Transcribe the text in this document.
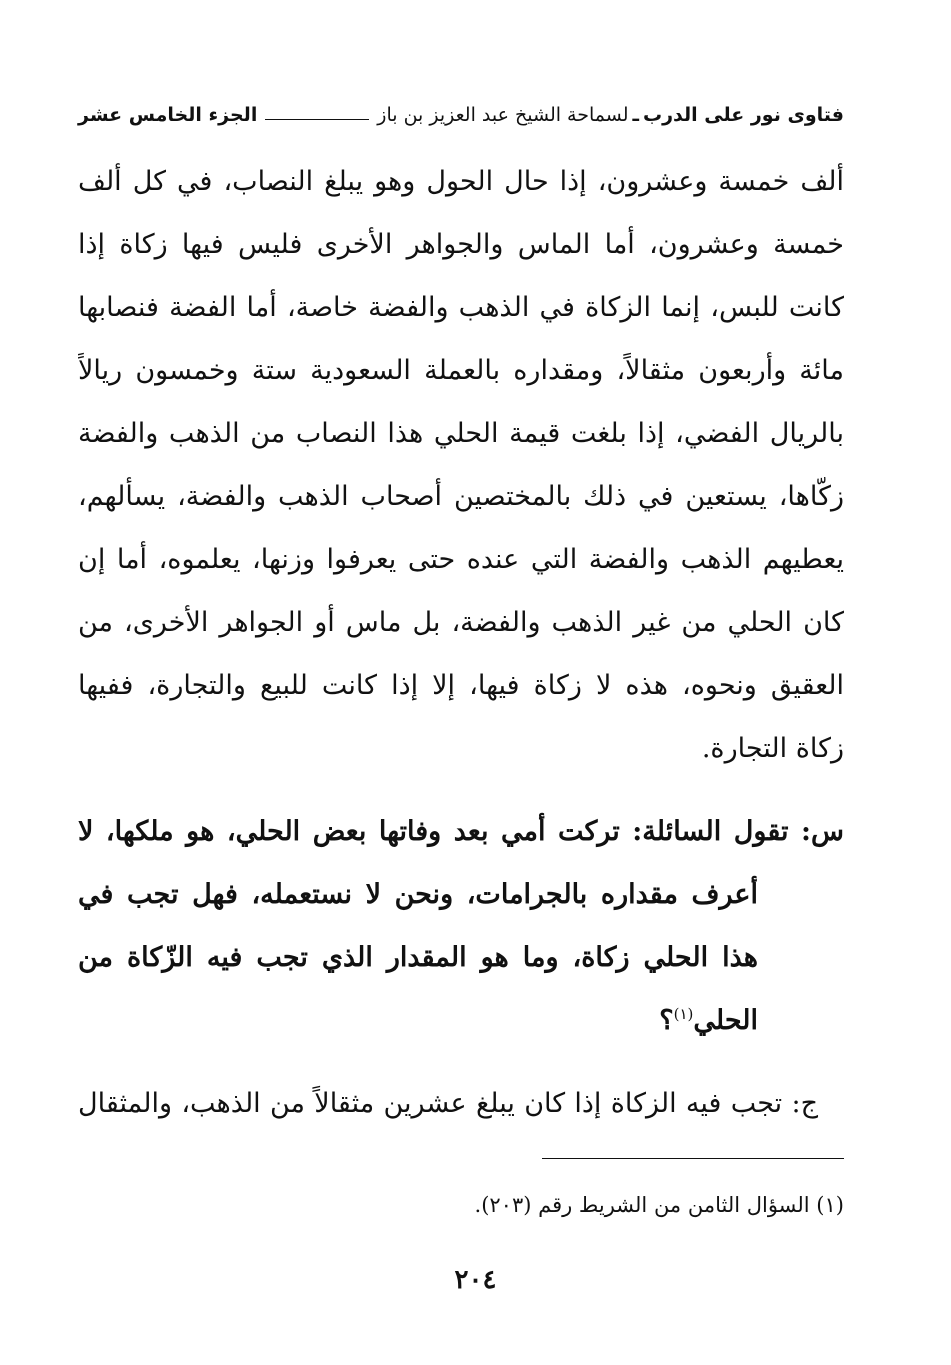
فتاوى نور على الدرب
ـ
لسماحة الشيخ عبد العزيز بن باز
الجزء الخامس عشر
ألف خمسة وعشرون، إذا حال الحول وهو يبلغ النصاب، في كل ألف
خمسة وعشرون، أما الماس والجواهر الأخرى فليس فيها زكاة إذا
كانت للبس، إنما الزكاة في الذهب والفضة خاصة، أما الفضة فنصابها
مائة وأربعون مثقالاً، ومقداره بالعملة السعودية ستة وخمسون ريالاً
بالريال الفضي، إذا بلغت قيمة الحلي هذا النصاب من الذهب والفضة
زكّاها، يستعين في ذلك بالمختصين أصحاب الذهب والفضة، يسألهم،
يعطيهم الذهب والفضة التي عنده حتى يعرفوا وزنها، يعلموه، أما إن
كان الحلي من غير الذهب والفضة، بل ماس أو الجواهر الأخرى، من
العقيق ونحوه، هذه لا زكاة فيها، إلا إذا كانت للبيع والتجارة، ففيها
زكاة التجارة.
س: تقول السائلة: تركت أمي بعد وفاتها بعض الحلي، هو ملكها، لا
أعرف مقداره بالجرامات، ونحن لا نستعمله، فهل تجب في
هذا الحلي زكاة، وما هو المقدار الذي تجب فيه الزّكاة من
الحلي$^{(١)}$؟
ج: تجب فيه الزكاة إذا كان يبلغ عشرين مثقالاً من الذهب، والمثقال
(١) السؤال الثامن من الشريط رقم (٢٠٣).
٢٠٤
